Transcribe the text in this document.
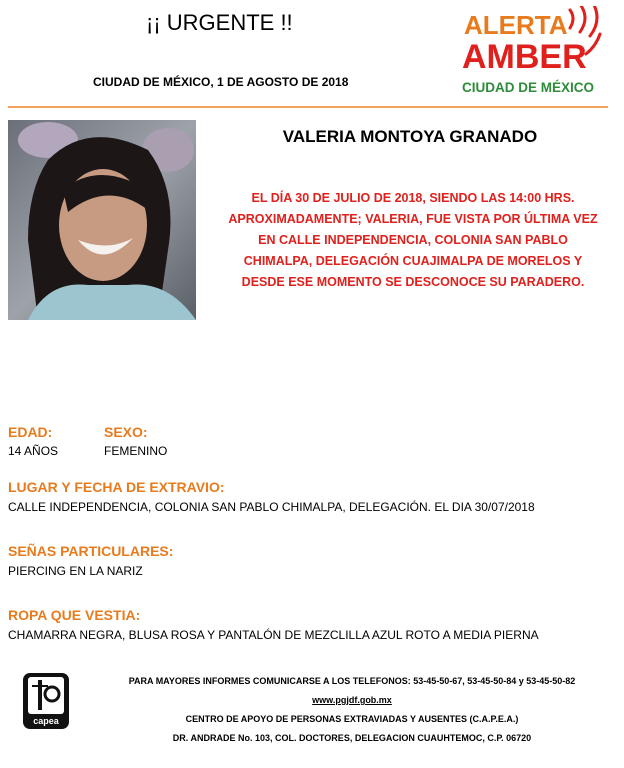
¡¡ URGENTE !!
CIUDAD DE MÉXICO, 1 DE AGOSTO DE 2018
ALERTA
AMBER
CIUDAD DE MÉXICO
VALERIA MONTOYA GRANADO
EL DÍA 30 DE JULIO DE 2018, SIENDO LAS 14:00 HRS.
APROXIMADAMENTE; VALERIA, FUE VISTA POR ÚLTIMA VEZ
EN CALLE INDEPENDENCIA, COLONIA SAN PABLO
CHIMALPA, DELEGACIÓN CUAJIMALPA DE MORELOS Y
DESDE ESE MOMENTO SE DESCONOCE SU PARADERO.
EDAD:
14 AÑOS
SEXO:
FEMENINO
LUGAR Y FECHA DE EXTRAVIO:
CALLE INDEPENDENCIA, COLONIA SAN PABLO CHIMALPA, DELEGACIÓN. EL DIA 30/07/2018
SEÑAS PARTICULARES:
PIERCING EN LA NARIZ
ROPA QUE VESTIA:
CHAMARRA NEGRA, BLUSA ROSA Y PANTALÓN DE MEZCLILLA AZUL ROTO A MEDIA PIERNA
capea
PARA MAYORES INFORMES COMUNICARSE A LOS TELEFONOS: 53-45-50-67, 53-45-50-84 y 53-45-50-82
www.pgjdf.gob.mx
CENTRO DE APOYO DE PERSONAS EXTRAVIADAS Y AUSENTES (C.A.P.E.A.)
DR. ANDRADE No. 103, COL. DOCTORES, DELEGACION CUAUHTEMOC, C.P. 06720
